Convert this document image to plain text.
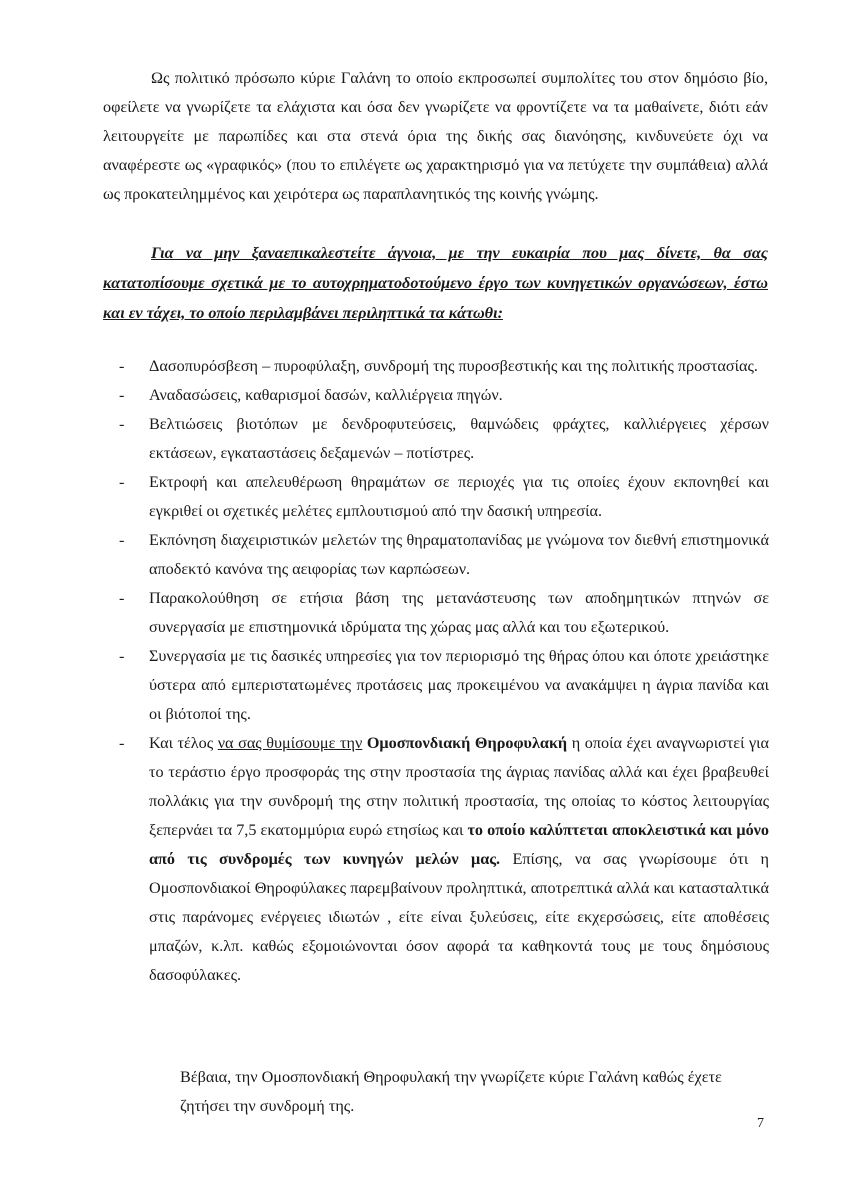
Ως πολιτικό πρόσωπο κύριε Γαλάνη το οποίο εκπροσωπεί συμπολίτες του στον δημόσιο βίο, οφείλετε να γνωρίζετε τα ελάχιστα και όσα δεν γνωρίζετε να φροντίζετε να τα μαθαίνετε, διότι εάν λειτουργείτε με παρωπίδες και στα στενά όρια της δικής σας διανόησης, κινδυνεύετε όχι να αναφέρεστε ως «γραφικός» (που το επιλέγετε ως χαρακτηρισμό για να πετύχετε την συμπάθεια) αλλά ως προκατειλημμένος και χειρότερα ως παραπλανητικός της κοινής γνώμης.

Για να μην ξαναεπικαλεστείτε άγνοια, με την ευκαιρία που μας δίνετε, θα σας κατατοπίσουμε σχετικά με το αυτοχρηματοδοτούμενο έργο των κυνηγετικών οργανώσεων, έστω και εν τάχει, το οποίο περιλαμβάνει περιληπτικά τα κάτωθι:

-	Δασοπυρόσβεση – πυροφύλαξη, συνδρομή της πυροσβεστικής και της πολιτικής προστασίας.
-	Αναδασώσεις, καθαρισμοί δασών, καλλιέργεια πηγών.
-	Βελτιώσεις βιοτόπων με δενδροφυτεύσεις, θαμνώδεις φράχτες, καλλιέργειες χέρσων εκτάσεων, εγκαταστάσεις δεξαμενών – ποτίστρες.
-	Εκτροφή και απελευθέρωση θηραμάτων σε περιοχές για τις οποίες έχουν εκπονηθεί και εγκριθεί οι σχετικές μελέτες εμπλουτισμού από την δασική υπηρεσία.
-	Εκπόνηση διαχειριστικών μελετών της θηραματοπανίδας με γνώμονα τον διεθνή επιστημονικά αποδεκτό κανόνα της αειφορίας των καρπώσεων.
-	Παρακολούθηση σε ετήσια βάση της μετανάστευσης των αποδημητικών πτηνών σε συνεργασία με επιστημονικά ιδρύματα της χώρας μας αλλά και του εξωτερικού.
-	Συνεργασία με τις δασικές υπηρεσίες για τον περιορισμό της θήρας όπου και όποτε χρειάστηκε ύστερα από εμπεριστατωμένες προτάσεις μας προκειμένου να ανακάμψει η άγρια πανίδα και οι βιότοποί της.
-	Και τέλος να σας θυμίσουμε την Ομοσπονδιακή Θηροφυλακή η οποία έχει αναγνωριστεί για το τεράστιο έργο προσφοράς της στην προστασία της άγριας πανίδας αλλά και έχει βραβευθεί πολλάκις για την συνδρομή της στην πολιτική προστασία, της οποίας το κόστος λειτουργίας ξεπερνάει τα 7,5 εκατομμύρια ευρώ ετησίως και το οποίο καλύπτεται αποκλειστικά και μόνο από τις συνδρομές των κυνηγών μελών μας. Επίσης, να σας γνωρίσουμε ότι η Ομοσπονδιακοί Θηροφύλακες παρεμβαίνουν προληπτικά, αποτρεπτικά αλλά και κατασταλτικά στις παράνομες ενέργειες ιδιωτών , είτε είναι ξυλεύσεις, είτε εκχερσώσεις, είτε αποθέσεις μπαζών, κ.λπ. καθώς εξομοιώνονται όσον αφορά τα καθηκοντά τους με τους δημόσιους δασοφύλακες.

Βέβαια, την Ομοσπονδιακή Θηροφυλακή την γνωρίζετε κύριε Γαλάνη καθώς έχετε ζητήσει την συνδρομή της.

7
